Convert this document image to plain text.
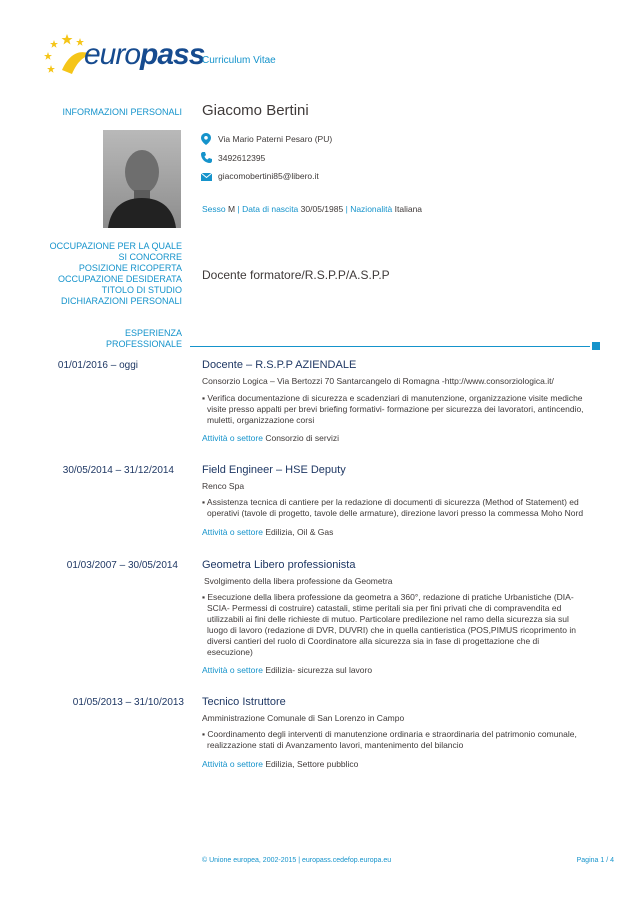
europass
Curriculum Vitae
INFORMAZIONI PERSONALI Giacomo Bertini
Via Mario Paterni Pesaro (PU)
3492612395
giacomobertini85@libero.it
Sesso M | Data di nascita 30/05/1985 | Nazionalità Italiana
OCCUPAZIONE PER LA QUALE
SI CONCORRE
POSIZIONE RICOPERTA
OCCUPAZIONE DESIDERATA
TITOLO DI STUDIO
DICHIARAZIONI PERSONALI
Docente formatore/R.S.P.P/A.S.P.P
ESPERIENZA
PROFESSIONALE
01/01/2016 – oggi	Docente – R.S.P.P AZIENDALE
Consorzio Logica – Via Bertozzi 70 Santarcangelo di Romagna -http://www.consorziologica.it/
▪ Verifica documentazione di sicurezza e scadenziari di manutenzione, organizzazione visite mediche
visite presso appalti per brevi briefing formativi- formazione per sicurezza dei lavoratori, antincendio,
muletti, organizzazione corsi
Attività o settore Consorzio di servizi
30/05/2014 – 31/12/2014	Field Engineer – HSE Deputy
Renco Spa
▪ Assistenza tecnica di cantiere per la redazione di documenti di sicurezza (Method of Statement) ed
operativi (tavole di progetto, tavole delle armature), direzione lavori presso la commessa Moho Nord
Attività o settore Edilizia, Oil & Gas
01/03/2007 – 30/05/2014 Geometra Libero professionista
Svolgimento della libera professione da Geometra
▪ Esecuzione della libera professione da geometra a 360°, redazione di pratiche Urbanistiche (DIA-
SCIA- Permessi di costruire) catastali, stime peritali sia per fini privati che di compravendita ed
utilizzabili ai fini delle richieste di mutuo. Particolare predilezione nel ramo della sicurezza sia sul
luogo di lavoro (redazione di DVR, DUVRI) che in quella cantieristica (POS,PIMUS ricoprimento in
diversi cantieri del ruolo di Coordinatore alla sicurezza sia in fase di progettazione che di
esecuzione)
Attività o settore Edilizia- sicurezza sul lavoro
01/05/2013 – 31/10/2013 Tecnico Istruttore
Amministrazione Comunale di San Lorenzo in Campo
▪ Coordinamento degli interventi di manutenzione ordinaria e straordinaria del patrimonio comunale,
realizzazione stati di Avanzamento lavori, mantenimento del bilancio
Attività o settore Edilizia, Settore pubblico
© Unione europea, 2002-2015 | europass.cedefop.europa.eu	Pagina 1 / 4
